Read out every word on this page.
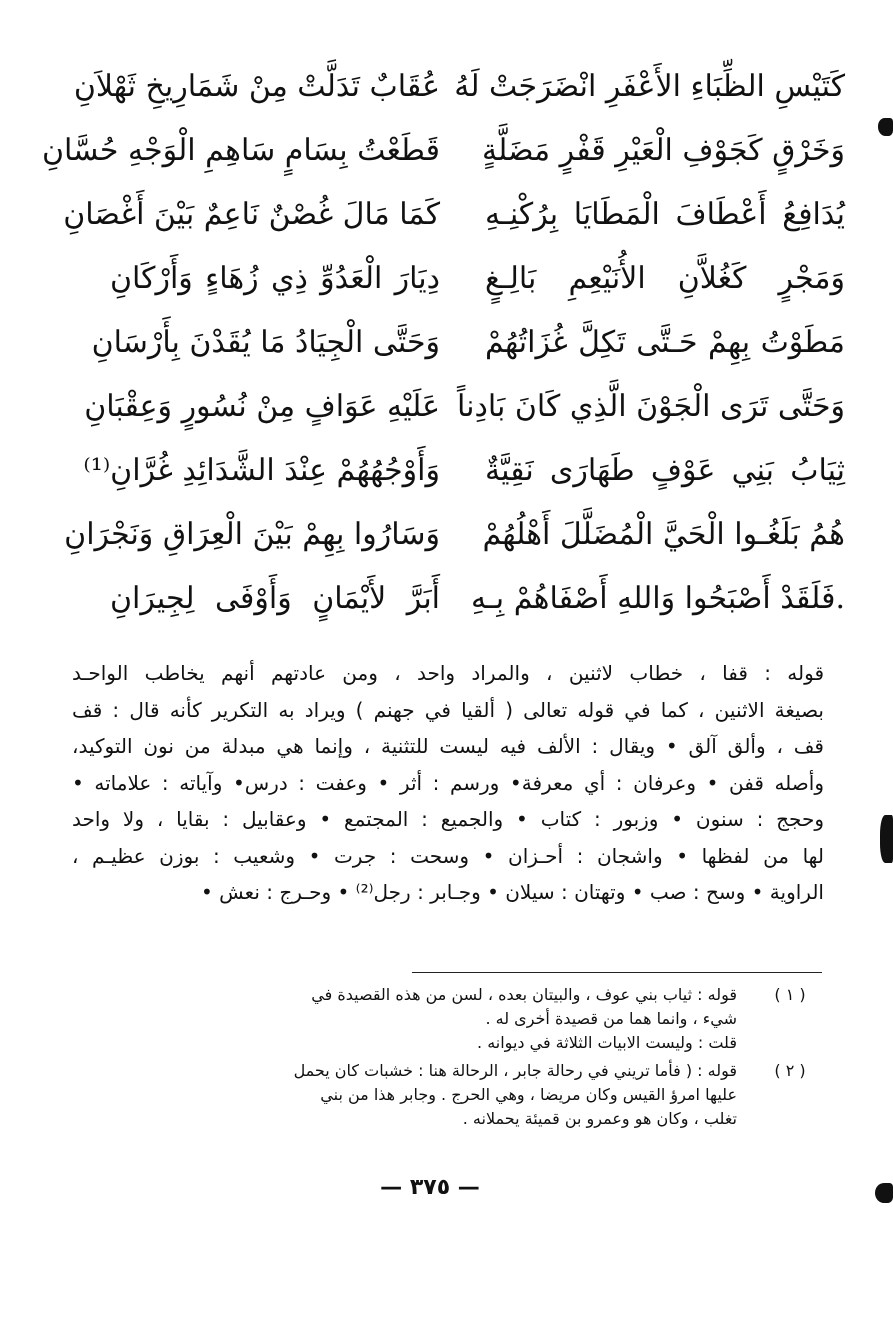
كَتَيْسِ الظِّبَاءِ الأَعْفَرِ انْضَرَجَتْ لَهُ
عُقَابٌ تَدَلَّتْ مِنْ شَمَارِيخِ ثَهْلاَنِ
وَخَرْقٍ كَجَوْفِ الْعَيْرِ قَفْرٍ مَضَلَّةٍ
قَطَعْتُ بِسَامٍ سَاهِمِ الْوَجْهِ حُسَّانِ
يُدَافِعُ أَعْطَافَ الْمَطَايَا بِرُكْنِـهِ
كَمَا مَالَ غُصْنٌ نَاعِمٌ بَيْنَ أَغْصَانِ
وَمَجْرٍ كَغُلاَّنِ الأُنَيْعِمِ بَالِـغٍ
دِيَارَ الْعَدُوِّ ذِي زُهَاءٍ وَأَرْكَانِ
مَطَوْتُ بِهِمْ حَـتَّى تَكِلَّ غُزَاتُهُمْ
وَحَتَّى الْجِيَادُ مَا يُقَدْنَ بِأَرْسَانِ
وَحَتَّى تَرَى الْجَوْنَ الَّذِي كَانَ بَادِناً
عَلَيْهِ عَوَافٍ مِنْ نُسُورٍ وَعِقْبَانِ
ثِيَابُ بَنِي عَوْفٍ طَهَارَى نَقِيَّةٌ
وَأَوْجُهُهُمْ عِنْدَ الشَّدَائِدِ غُرَّانِ⁽¹⁾
هُمُ بَلَغُـوا الْحَيَّ الْمُضَلَّلَ أَهْلُهُمْ
وَسَارُوا بِهِمْ بَيْنَ الْعِرَاقِ وَنَجْرَانِ
.فَلَقَدْ أَصْبَحُوا وَاللهِ أَصْفَاهُمْ بِـهِ
أَبَرَّ لأَيْمَانٍ وَأَوْفَى لِجِيرَانِ
قوله : قفا ، خطاب لاثنين ، والمراد واحد ، ومن عادتهم أنهم يخاطب الواحـد
بصيغة الاثنين ، كما في قوله تعالى ( ألقيا في جهنم ) ويراد به التكرير كأنه قال : قف
قف ، وألق آلق • ويقال : الألف فيه ليست للتثنية ، وإنما هي مبدلة من نون التوكيد،
وأصله قفن • وعرفان : أي معرفة• ورسم : أثر • وعفت : درس• وآياته : علاماته •
وحجج : سنون • وزبور : كتاب • والجميع : المجتمع • وعقابيل : بقايا ، ولا واحد
لها من لفظها • واشجان : أحـزان • وسحت : جرت • وشعيب : بوزن عظيـم ،
الراوية • وسح : صب • وتهتان : سيلان • وجـابر : رجل⁽²⁾ • وحـرج : نعش •
( ١ )
قوله : ثياب بني عوف ، والبيتان بعده ، لسن من هذه القصيدة في
شيء ، وانما هما من قصيدة أخرى له .
قلت : وليست الابيات الثلاثة في ديوانه .
( ٢ )
قوله : ( فأما تريني في رحالة جابر ، الرحالة هنا : خشبات كان يحمل
عليها امرؤ القيس وكان مريضا ، وهي الحرج . وجابر هذا من بني
تغلب ، وكان هو وعمرو بن قميئة يحملانه .
— ٣٧٥ —
